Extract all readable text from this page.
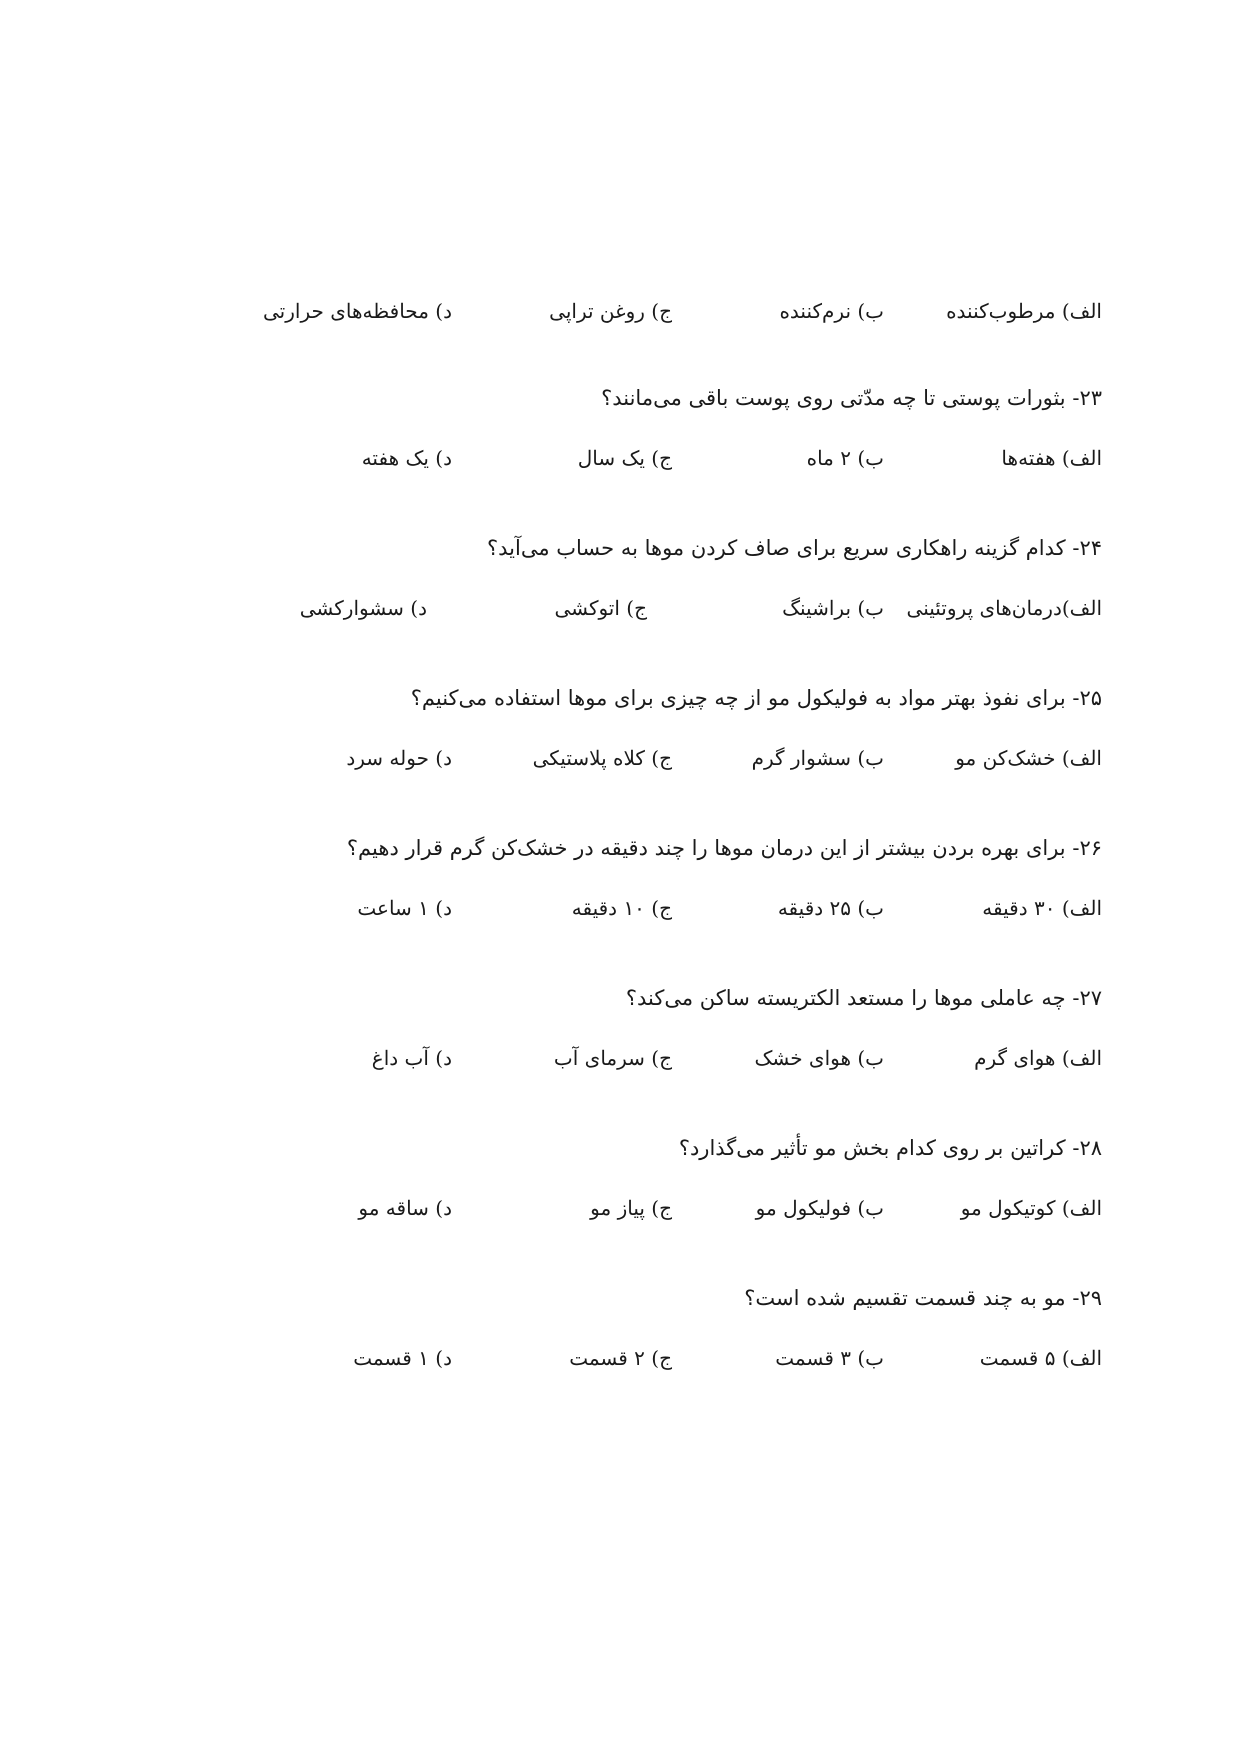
الف) مرطوب‌کننده
ب) نرم‌کننده
ج) روغن تراپی
د) محافظه‌های حرارتی
۲۳- بثورات پوستی تا چه مدّتی روی پوست باقی می‌مانند؟
الف) هفته‌ها
ب) ۲ ماه
ج) یک سال
د) یک هفته
۲۴- کدام گزینه راهکاری سریع برای صاف کردن موها به حساب می‌آید؟
الف)درمان‌های پروتئینی
ب) براشینگ
ج) اتوکشی
د) سشوارکشی
۲۵- برای نفوذ بهتر مواد به فولیکول مو از چه چیزی برای موها استفاده می‌کنیم؟
الف) خشک‌کن مو
ب) سشوار گرم
ج) کلاه پلاستیکی
د) حوله سرد
۲۶- برای بهره بردن بیشتر از این درمان موها را چند دقیقه در خشک‌کن گرم قرار دهیم؟
الف) ۳۰ دقیقه
ب) ۲۵ دقیقه
ج) ۱۰ دقیقه
د) ۱ ساعت
۲۷- چه عاملی موها را مستعد الکتریسته ساکن می‌کند؟
الف) هوای گرم
ب) هوای خشک
ج) سرمای آب
د) آب داغ
۲۸- کراتین بر روی کدام بخش مو تأثیر می‌گذارد؟
الف) کوتیکول مو
ب) فولیکول مو
ج) پیاز مو
د) ساقه مو
۲۹- مو به چند قسمت تقسیم شده است؟
الف) ۵ قسمت
ب) ۳ قسمت
ج) ۲ قسمت
د) ۱ قسمت
